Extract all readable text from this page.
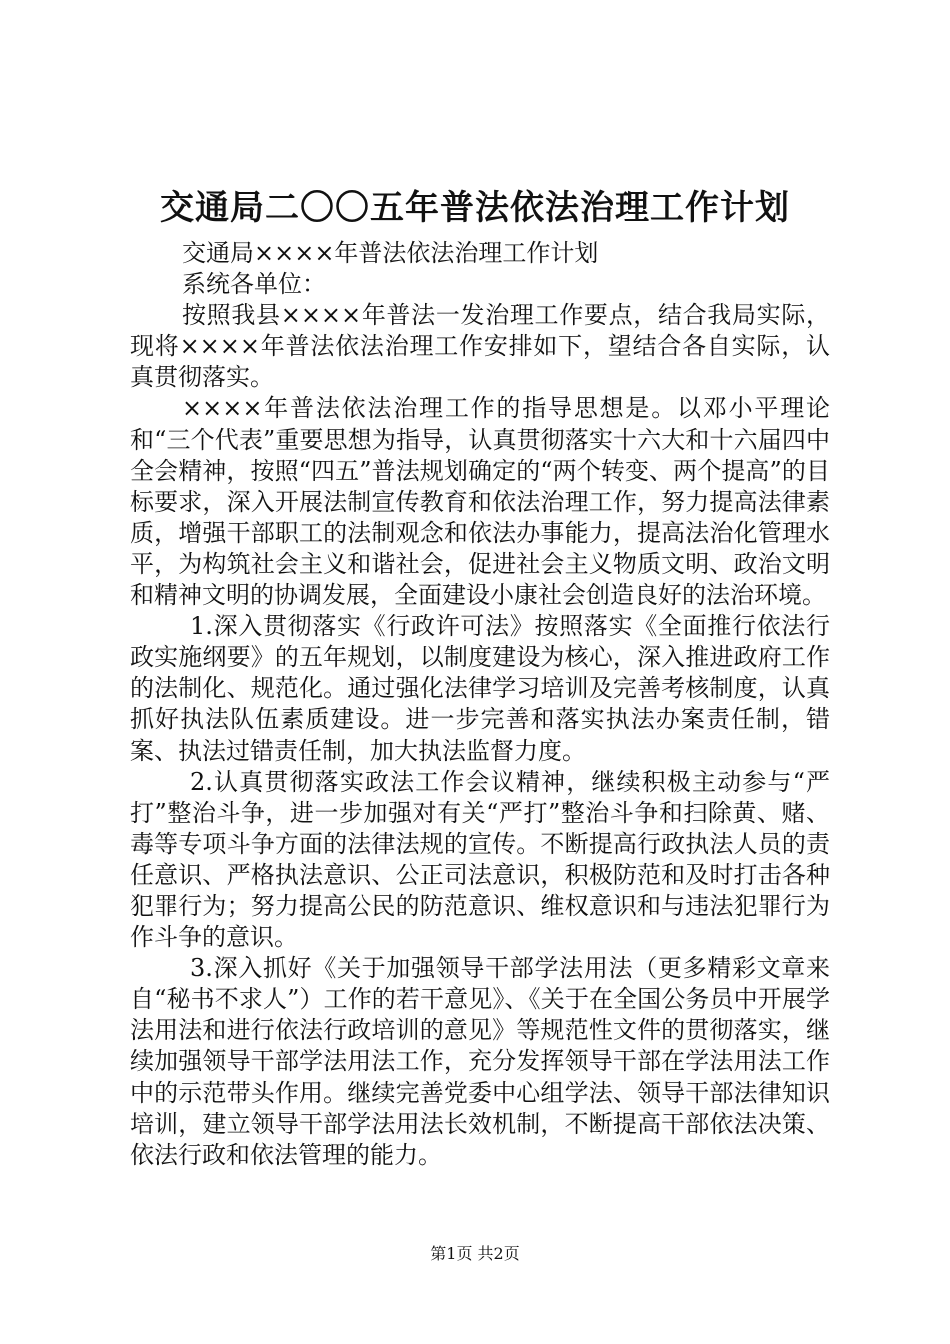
交通局二〇〇五年普法依法治理工作计划

交通局××××年普法依法治理工作计划

系统各单位：

按照我县××××年普法一发治理工作要点，结合我局实际，现将××××年普法依法治理工作安排如下，望结合各自实际，认真贯彻落实。

××××年普法依法治理工作的指导思想是。以邓小平理论和“三个代表”重要思想为指导，认真贯彻落实十六大和十六届四中全会精神，按照“四五”普法规划确定的“两个转变、两个提高”的目标要求，深入开展法制宣传教育和依法治理工作，努力提高法律素质，增强干部职工的法制观念和依法办事能力，提高法治化管理水平，为构筑社会主义和谐社会，促进社会主义物质文明、政治文明和精神文明的协调发展，全面建设小康社会创造良好的法治环境。

1.深入贯彻落实《行政许可法》按照落实《全面推行依法行政实施纲要》的五年规划，以制度建设为核心，深入推进政府工作的法制化、规范化。通过强化法律学习培训及完善考核制度，认真抓好执法队伍素质建设。进一步完善和落实执法办案责任制，错案、执法过错责任制，加大执法监督力度。

2.认真贯彻落实政法工作会议精神，继续积极主动参与“严打”整治斗争，进一步加强对有关“严打”整治斗争和扫除黄、赌、毒等专项斗争方面的法律法规的宣传。不断提高行政执法人员的责任意识、严格执法意识、公正司法意识，积极防范和及时打击各种犯罪行为；努力提高公民的防范意识、维权意识和与违法犯罪行为作斗争的意识。

3.深入抓好《关于加强领导干部学法用法（更多精彩文章来自“秘书不求人”）工作的若干意见》、《关于在全国公务员中开展学法用法和进行依法行政培训的意见》等规范性文件的贯彻落实，继续加强领导干部学法用法工作，充分发挥领导干部在学法用法工作中的示范带头作用。继续完善党委中心组学法、领导干部法律知识培训，建立领导干部学法用法长效机制，不断提高干部依法决策、依法行政和依法管理的能力。

第1页 共2页
